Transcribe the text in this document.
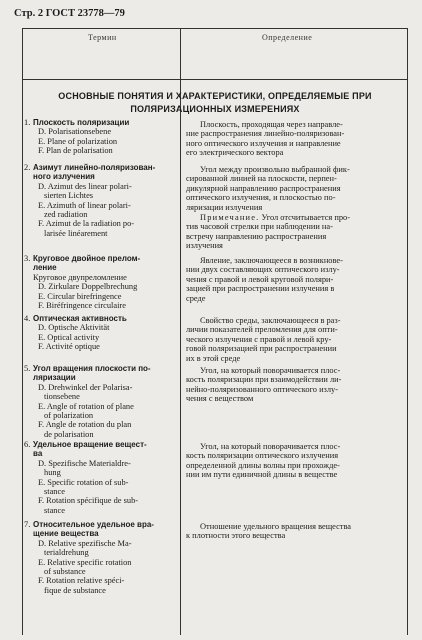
Стр. 2 ГОСТ 23778—79
Термин	Определение
ОСНОВНЫЕ ПОНЯТИЯ И ХАРАКТЕРИСТИКИ, ОПРЕДЕЛЯЕМЫЕ ПРИ
ПОЛЯРИЗАЦИОННЫХ ИЗМЕРЕНИЯХ
1. Плоскость поляризации
D. Polarisationsebene
E. Plane of polarization
F. Plan de polarisation
Плоскость, проходящая через направле-
ние распространения линейно-поляризован-
ного оптического излучения и направление
его электрического вектора
2. Азимут линейно-поляризован-
ного излучения
D. Azimut des linear polari-
sierten Lichtes
E. Azimuth of linear polari-
zed radiation
F. Azimut de la radiation po-
larisée linéarement
Угол между произвольно выбранной фик-
сированной линией на плоскости, перпен-
дикулярной направлению распространения
оптического излучения, и плоскостью по-
ляризации излучения
Примечание. Угол отсчитывается про-
тив часовой стрелки при наблюдении на-
встречу направлению распространения
излучения
3. Круговое двойное прелом-
ление
Круговое двупреломление
D. Zirkulare Doppelbrechung
E. Circular birefringence
F. Biréfringence circulaire
Явление, заключающееся в возникнове-
нии двух составляющих оптического излу-
чения с правой и левой круговой поляри-
зацией при распространении излучения в
среде
4. Оптическая активность
D. Optische Aktivität
E. Optical activity
F. Activité optique
Свойство среды, заключающееся в раз-
личии показателей преломления для опти-
ческого излучения с правой и левой кру-
говой поляризацией при распространении
их в этой среде
5. Угол вращения плоскости по-
ляризации
D. Drehwinkel der Polarisa-
tionsebene
E. Angle of rotation of plane
of polarization
F. Angle de rotation du plan
de polarisation
Угол, на который поворачивается плос-
кость поляризации при взаимодействии ли-
нейно-поляризованного оптического излу-
чения с веществом
6. Удельное вращение вещест-
ва
D. Spezifische Materialdre-
hung
E. Specific rotation of sub-
stance
F. Rotation spécifique de sub-
stance
Угол, на который поворачивается плос-
кость поляризации оптического излучения
определенной длины волны при прохожде-
нии им пути единичной длины в веществе
7. Относительное удельное вра-
щение вещества
D. Relative spezifische Ma-
terialdrehung
E. Relative specific rotation
of substance
F. Rotation relative spéci-
fique de substance
Отношение удельного вращения вещества
к плотности этого вещества
